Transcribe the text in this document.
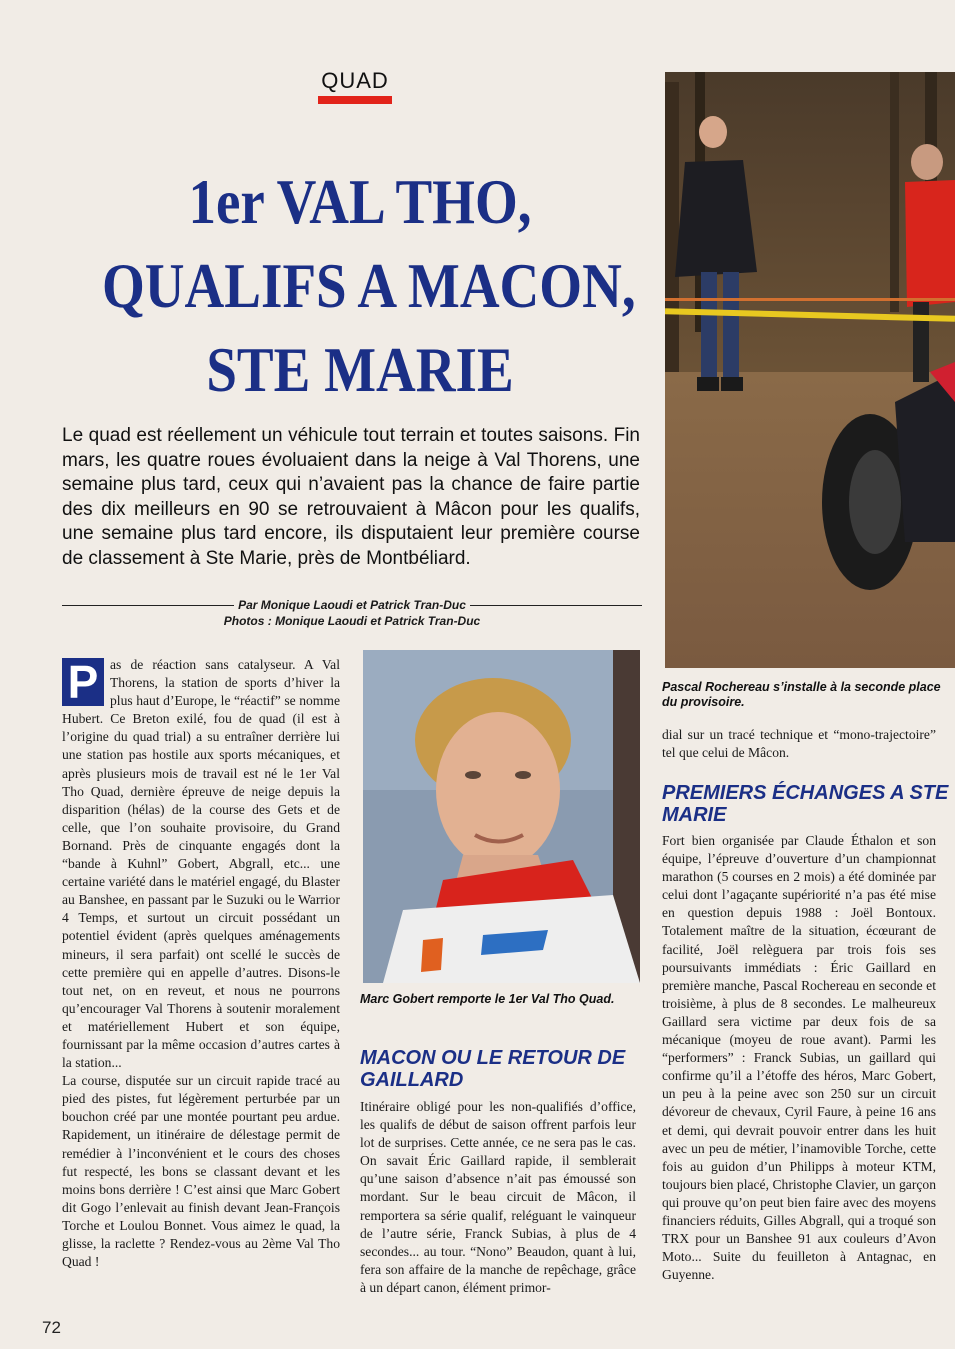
QUAD
1er VAL THO,
QUALIFS A MACON,
STE MARIE
Le quad est réellement un véhicule tout terrain et toutes saisons. Fin mars, les quatre roues évoluaient dans la neige à Val Thorens, une semaine plus tard, ceux qui n’avaient pas la chance de faire partie des dix meilleurs en 90 se retrouvaient à Mâcon pour les qualifs, une semaine plus tard encore, ils disputaient leur première course de classement à Ste Marie, près de Montbéliard.
Par Monique Laoudi et Patrick Tran-Duc
Photos : Monique Laoudi et Patrick Tran-Duc
P as de réaction sans catalyseur. A Val Thorens, la station de sports d’hiver la plus haut d’Europe, le “réactif” se nomme Hubert. Ce Breton exilé, fou de quad (il est à l’origine du quad trial) a su entraîner derrière lui une station pas hostile aux sports mécaniques, et après plusieurs mois de travail est né le 1er Val Tho Quad, dernière épreuve de neige depuis la disparition (hélas) de la course des Gets et de celle, que l’on souhaite provisoire, du Grand Bornand. Près de cinquante engagés dont la “bande à Kuhnl” Gobert, Abgrall, etc... une certaine variété dans le matériel engagé, du Blaster au Banshee, en passant par le Suzuki ou le Warrior 4 Temps, et surtout un circuit possédant un potentiel évident (après quelques aménagements mineurs, il sera parfait) ont scellé le succès de cette première qui en appelle d’autres. Disons-le tout net, on en reveut, et nous ne pourrons qu’encourager Val Thorens à soutenir moralement et matériellement Hubert et son équipe, fournissant par la même occasion d’autres cartes à la station...
La course, disputée sur un circuit rapide tracé au pied des pistes, fut légèrement perturbée par un bouchon créé par une montée pourtant peu ardue. Rapidement, un itinéraire de délestage permit de remédier à l’inconvénient et le cours des choses fut respecté, les bons se classant devant et les moins bons derrière ! C’est ainsi que Marc Gobert dit Gogo l’enlevait au finish devant Jean-François Torche et Loulou Bonnet. Vous aimez le quad, la glisse, la raclette ? Rendez-vous au 2ème Val Tho Quad !
Pascal Rochereau s’installe à la seconde place du provisoire.
Marc Gobert remporte le 1er Val Tho Quad.
MACON OU LE RETOUR DE GAILLARD
Itinéraire obligé pour les non-qualifiés d’office, les qualifs de début de saison offrent parfois leur lot de surprises. Cette année, ce ne sera pas le cas. On savait Éric Gaillard rapide, il semblerait qu’une saison d’absence n’ait pas émoussé son mordant. Sur le beau circuit de Mâcon, il remportera sa série qualif, reléguant le vainqueur de l’autre série, Franck Subias, à plus de 4 secondes... au tour. “Nono” Beaudon, quant à lui, fera son affaire de la manche de repêchage, grâce à un départ canon, élément primor-
dial sur un tracé technique et “mono-trajectoire” tel que celui de Mâcon.
PREMIERS ÉCHANGES A STE MARIE
Fort bien organisée par Claude Éthalon et son équipe, l’épreuve d’ouverture d’un championnat marathon (5 courses en 2 mois) a été dominée par celui dont l’agaçante supériorité n’a pas été mise en question depuis 1988 : Joël Bontoux. Totalement maître de la situation, écœurant de facilité, Joël relèguera par trois fois ses poursuivants immédiats : Éric Gaillard en première manche, Pascal Rochereau en seconde et troisième, à plus de 8 secondes. Le malheureux Gaillard sera victime par deux fois de sa mécanique (moyeu de roue avant). Parmi les “performers” : Franck Subias, un gaillard qui confirme qu’il a l’étoffe des héros, Marc Gobert, un peu à la peine avec son 250 sur un circuit dévoreur de chevaux, Cyril Faure, à peine 16 ans et demi, qui devrait pouvoir entrer dans les huit avec un peu de métier, l’inamovible Torche, cette fois au guidon d’un Philipps à moteur KTM, toujours bien placé, Christophe Clavier, un garçon qui prouve qu’on peut bien faire avec des moyens financiers réduits, Gilles Abgrall, qui a troqué son TRX pour un Banshee 91 aux couleurs d’Avon Moto... Suite du feuilleton à Antagnac, en Guyenne.
72
